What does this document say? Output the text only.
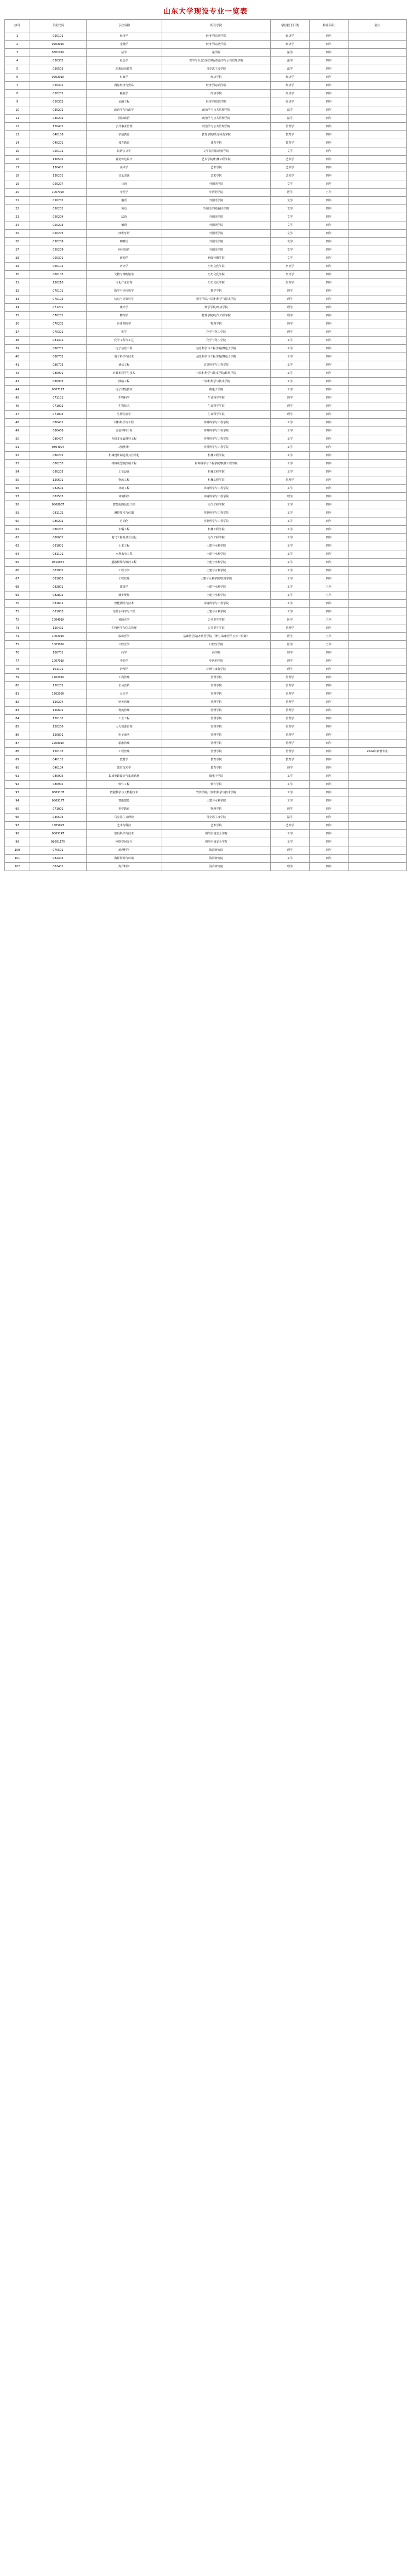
山东大学现设专业一览表
序号	专业代码	专业名称	所在学院	学位授予门类	修业年限	备注
1	020101	经济学	经济学院/数学院	经济学	四年	
2	020301K	金融学	经济学院/数学院	经济学	四年	
3	030101K	法学	法学院	法学	四年	
4	030302	社会学	哲学与社会发展学院/政治学与公共管理学院	法学	四年	
5	030503	思想政治教育	马克思主义学院	法学	四年	
6	020201K	财政学	经济学院	经济学	四年	
7	020401	国际经济与贸易	经济学院/商学院	经济学	四年	
8	020202	税收学	经济学院	经济学	四年	
9	020302	金融工程	经济学院/数学院	经济学	四年	
10	030201	政治学与行政学	政治学与公共管理学院	法学	四年	
11	030202	国际政治	政治学与公共管理学院	法学	四年	
12	120401	公共事业管理	政治学与公共管理学院	管理学	四年	
13	040106	学前教育	教育学院/幼儿师范学院	教育学	四年	
14	040201	体育教育	体育学院	教育学	四年	
15	050101	汉语言文学	文学院/国际教育学院	文学	四年	
16	130502	视觉传达设计	艺术学院/机械工程学院	艺术学	四年	
17	130401	美术学	艺术学院	艺术学	四年	
18	130201	音乐表演	艺术学院	艺术学	四年	
19	050207	日语	外国语学院	文学	四年	
20	100702K	中医学	中医药学院	医学	五年	
21	050202	俄语	外国语学院	文学	四年	
22	050201	英语	外国语学院/翻译学院	文学	四年	
23	050204	法语	外国语学院	文学	四年	
24	050203	德语	外国语学院	文学	四年	
25	050205	西班牙语	外国语学院	文学	四年	
26	050206	朝鲜语	外国语学院	文学	四年	
27	050209	阿拉伯语	外国语学院	文学	四年	
28	050301	新闻学	新闻传播学院	文学	四年	
29	060101	历史学	历史文化学院	历史学	四年	
30	060103	文物与博物馆学	历史文化学院	历史学	四年	
31	130210	文化产业管理	历史文化学院	管理学	四年	
32	070101	数学与应用数学	数学学院	理学	四年	
33	070102	信息与计算科学	数学学院/计算机科学与技术学院	理学	四年	
34	071201	统计学	数学学院/经济学院	理学	四年	
35	070201	物理学	物理学院/电气工程学院	理学	四年	
36	070202	应用物理学	物理学院	理学	四年	
37	070301	化学	化学与化工学院	理学	四年	
38	081301	化学工程与工艺	化学与化工学院	工学	四年	
39	080701	电子信息工程	信息科学与工程学院/微电子学院	工学	四年	
40	080702	电子科学与技术	信息科学与工程学院/微电子学院	工学	四年	
41	080703	通信工程	信息科学与工程学院	工学	四年	
42	080901	计算机科学与技术	计算机科学与技术学院/软件学院	工学	四年	
43	080903	网络工程	计算机科学与技术学院	工学	四年	
44	080711T	电子封装技术	微电子学院	工学	四年	
45	071101	生物科学	生命科学学院	理学	四年	
46	071002	生物技术	生命科学学院	理学	四年	
47	071003	生物信息学	生命科学学院	理学	四年	
48	080401	材料科学与工程	材料科学与工程学院	工学	四年	
49	080406	金属材料工程	材料科学与工程学院	工学	四年	
50	080407	无机非金属材料工程	材料科学与工程学院	工学	四年	
51	080409T	功能材料	材料科学与工程学院	工学	四年	
52	080202	机械设计制造及其自动化	机械工程学院	工学	四年	
53	080203	材料成型及控制工程	材料科学与工程学院/机械工程学院	工学	四年	
54	080205	工业设计	机械工程学院	工学	四年	
55	120601	物流工程	机械工程学院	管理学	四年	
56	082502	环境工程	环境科学与工程学院	工学	四年	
57	082503	环境科学	环境科学与工程学院	理学	四年	
58	080803T	智能电网信息工程	电气工程学院	工学	四年	
59	081102	测控技术与仪器	控制科学与工程学院	工学	四年	
60	080202	自动化	控制科学与工程学院	工学	四年	
61	080207	车辆工程	机械工程学院	工学	四年	
62	080601	电气工程及其自动化	电气工程学院	工学	四年	
63	081001	土木工程	土建与水利学院	工学	四年	
64	081101	水利水电工程	土建与水利学院	工学	四年	
65	081006T	道路桥梁与渡河工程	土建与水利学院	工学	四年	
66	081002	工程力学	土建与水利学院	工学	四年	
67	081003	工程管理	土建与水利学院/管理学院	工学	四年	
68	082801	建筑学	土建与水利学院	工学	五年	
69	082802	城乡规划	土建与水利学院	工学	五年	
70	081601	智能测绘与技术	环境科学与工程学院	工学	四年	
71	081003	给排水科学与工程	土建与水利学院	工学	四年	
72	100401K	预防医学	公共卫生学院	医学	五年	
73	120402	生物医学与信息管理	公共卫生学院	管理学	四年	
74	100201K	临床医学	基础医学院/齐鲁医学院（博士·临床医学五年一贯制）	医学	五年	
75	100301K	口腔医学	口腔医学院	医学	五年	
76	100701	药学	药学院	理学	四年	
77	100701K	中药学	中医药学院	理学	四年	
78	101101	护理学	护理与康复学院	理学	四年	
79	120201K	工商管理	管理学院	管理学	四年	
80	120202	市场营销	管理学院	管理学	四年	
81	120203K	会计学	管理学院	管理学	四年	
82	120204	财务管理	管理学院	管理学	四年	
83	120601	物流管理	管理学院	管理学	四年	
84	120102	工业工程	管理学院	管理学	四年	
85	120206	人力资源管理	管理学院	管理学	四年	
86	120801	电子商务	管理学院	管理学	四年	
87	120901K	旅游管理	管理学院	管理学	四年	
88	120103	工程管理	管理学院	管理学	四年	2024年新增专业
89	040101	教育学	教育学院	教育学	四年	
90	040104	教育技术学	教育学院	理学	四年	
91	080905	集成电路设计与集成系统	微电子学院	工学	四年	
92	080902	软件工程	软件学院	工学	四年	
93	080910T	数据科学与大数据技术	软件学院/计算机科学与技术学院	工学	四年	
94	080917T	智能建造	土建与水利学院	工学	四年	
95	071001	科学教育	物理学院	理学	四年	
96	030503	马克思主义理论	马克思主义学院	法学	四年	
97	130509T	艺术与科技	艺术学院	艺术学	四年	
98	080914T	密码科学与技术	网络空间安全学院	工学	四年	
99	080911TK	网络空间安全	网络空间安全学院	工学	四年	
100	070501	地理科学	海洋研究院	理学	四年	
101	082403	海洋资源与环境	海洋研究院	工学	四年	
102	082401	海洋科学	海洋研究院	理学	四年	
